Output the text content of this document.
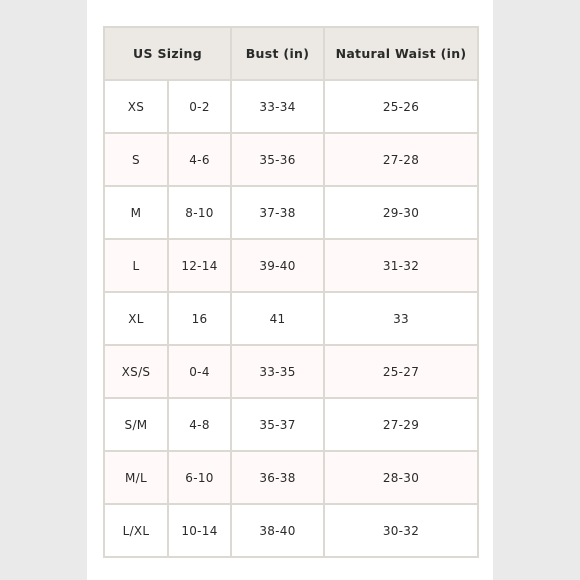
US Sizing		Bust (in)	Natural Waist (in)
XS	0-2	33-34	25-26
S	4-6	35-36	27-28
M	8-10	37-38	29-30
L	12-14	39-40	31-32
XL	16	41	33
XS/S	0-4	33-35	25-27
S/M	4-8	35-37	27-29
M/L	6-10	36-38	28-30
L/XL	10-14	38-40	30-32
